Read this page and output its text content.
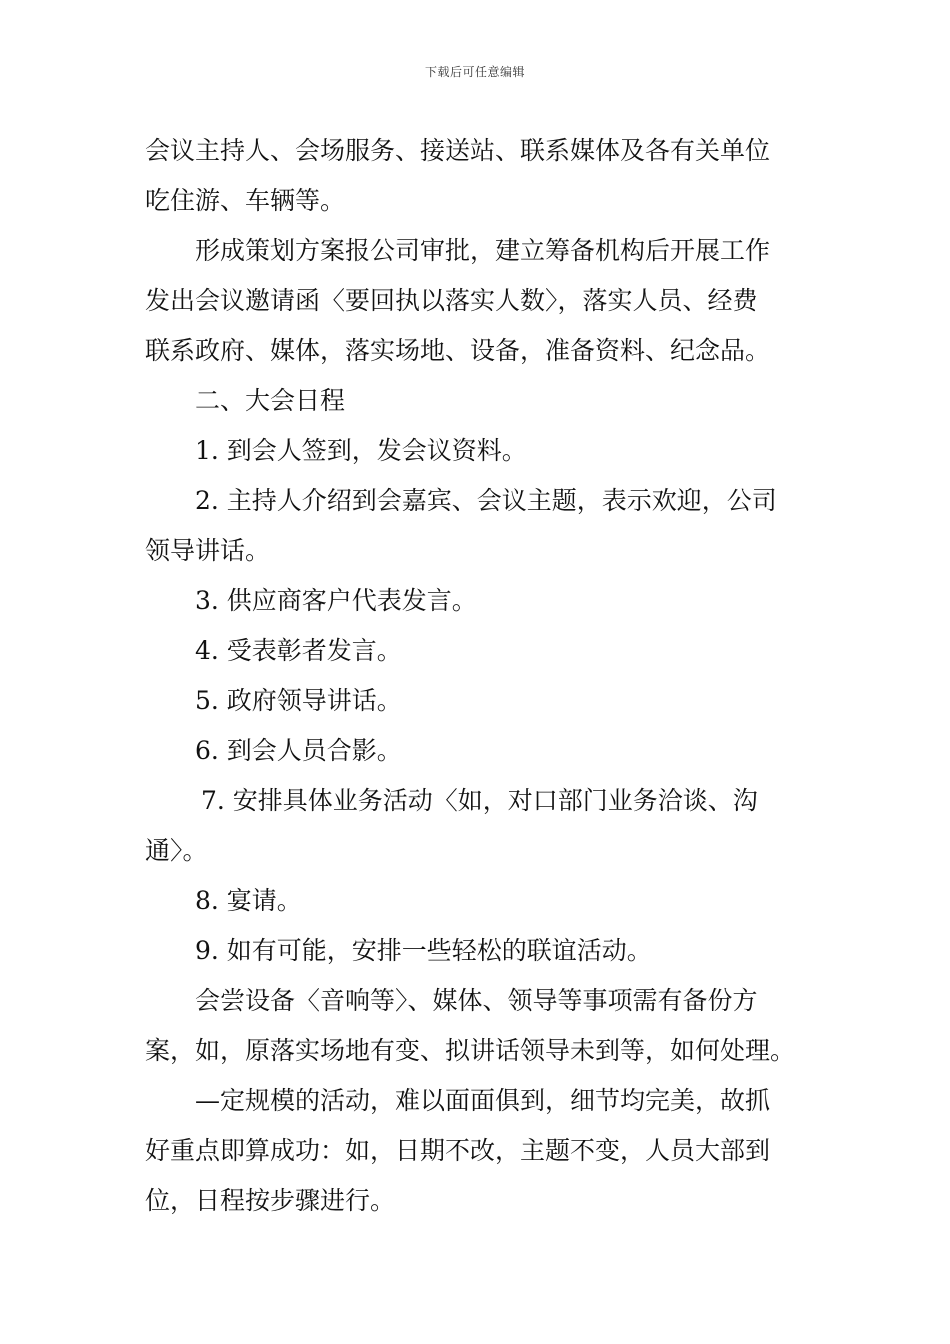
下载后可任意编辑

会议主持人、会场服务、接送站、联系媒体及各有关单位
吃住游、车辆等。

形成策划方案报公司审批，建立筹备机构后开展工作
发出会议邀请函〈要回执以落实人数〉，落实人员、经费
联系政府、媒体，落实场地、设备，准备资料、纪念品。

二、大会日程

1. 到会人签到，发会议资料。

2. 主持人介绍到会嘉宾、会议主题，表示欢迎，公司
领导讲话。

3. 供应商客户代表发言。

4. 受表彰者发言。

5. 政府领导讲话。

6. 到会人员合影。

7. 安排具体业务活动〈如，对口部门业务洽谈、沟
通〉。

8. 宴请。

9. 如有可能，安排一些轻松的联谊活动。

会尝设备〈音响等〉、媒体、领导等事项需有备份方
案，如，原落实场地有变、拟讲话领导未到等，如何处理。

—定规模的活动，难以面面俱到，细节均完美，故抓
好重点即算成功：如，日期不改，主题不变，人员大部到
位，日程按步骤进行。
